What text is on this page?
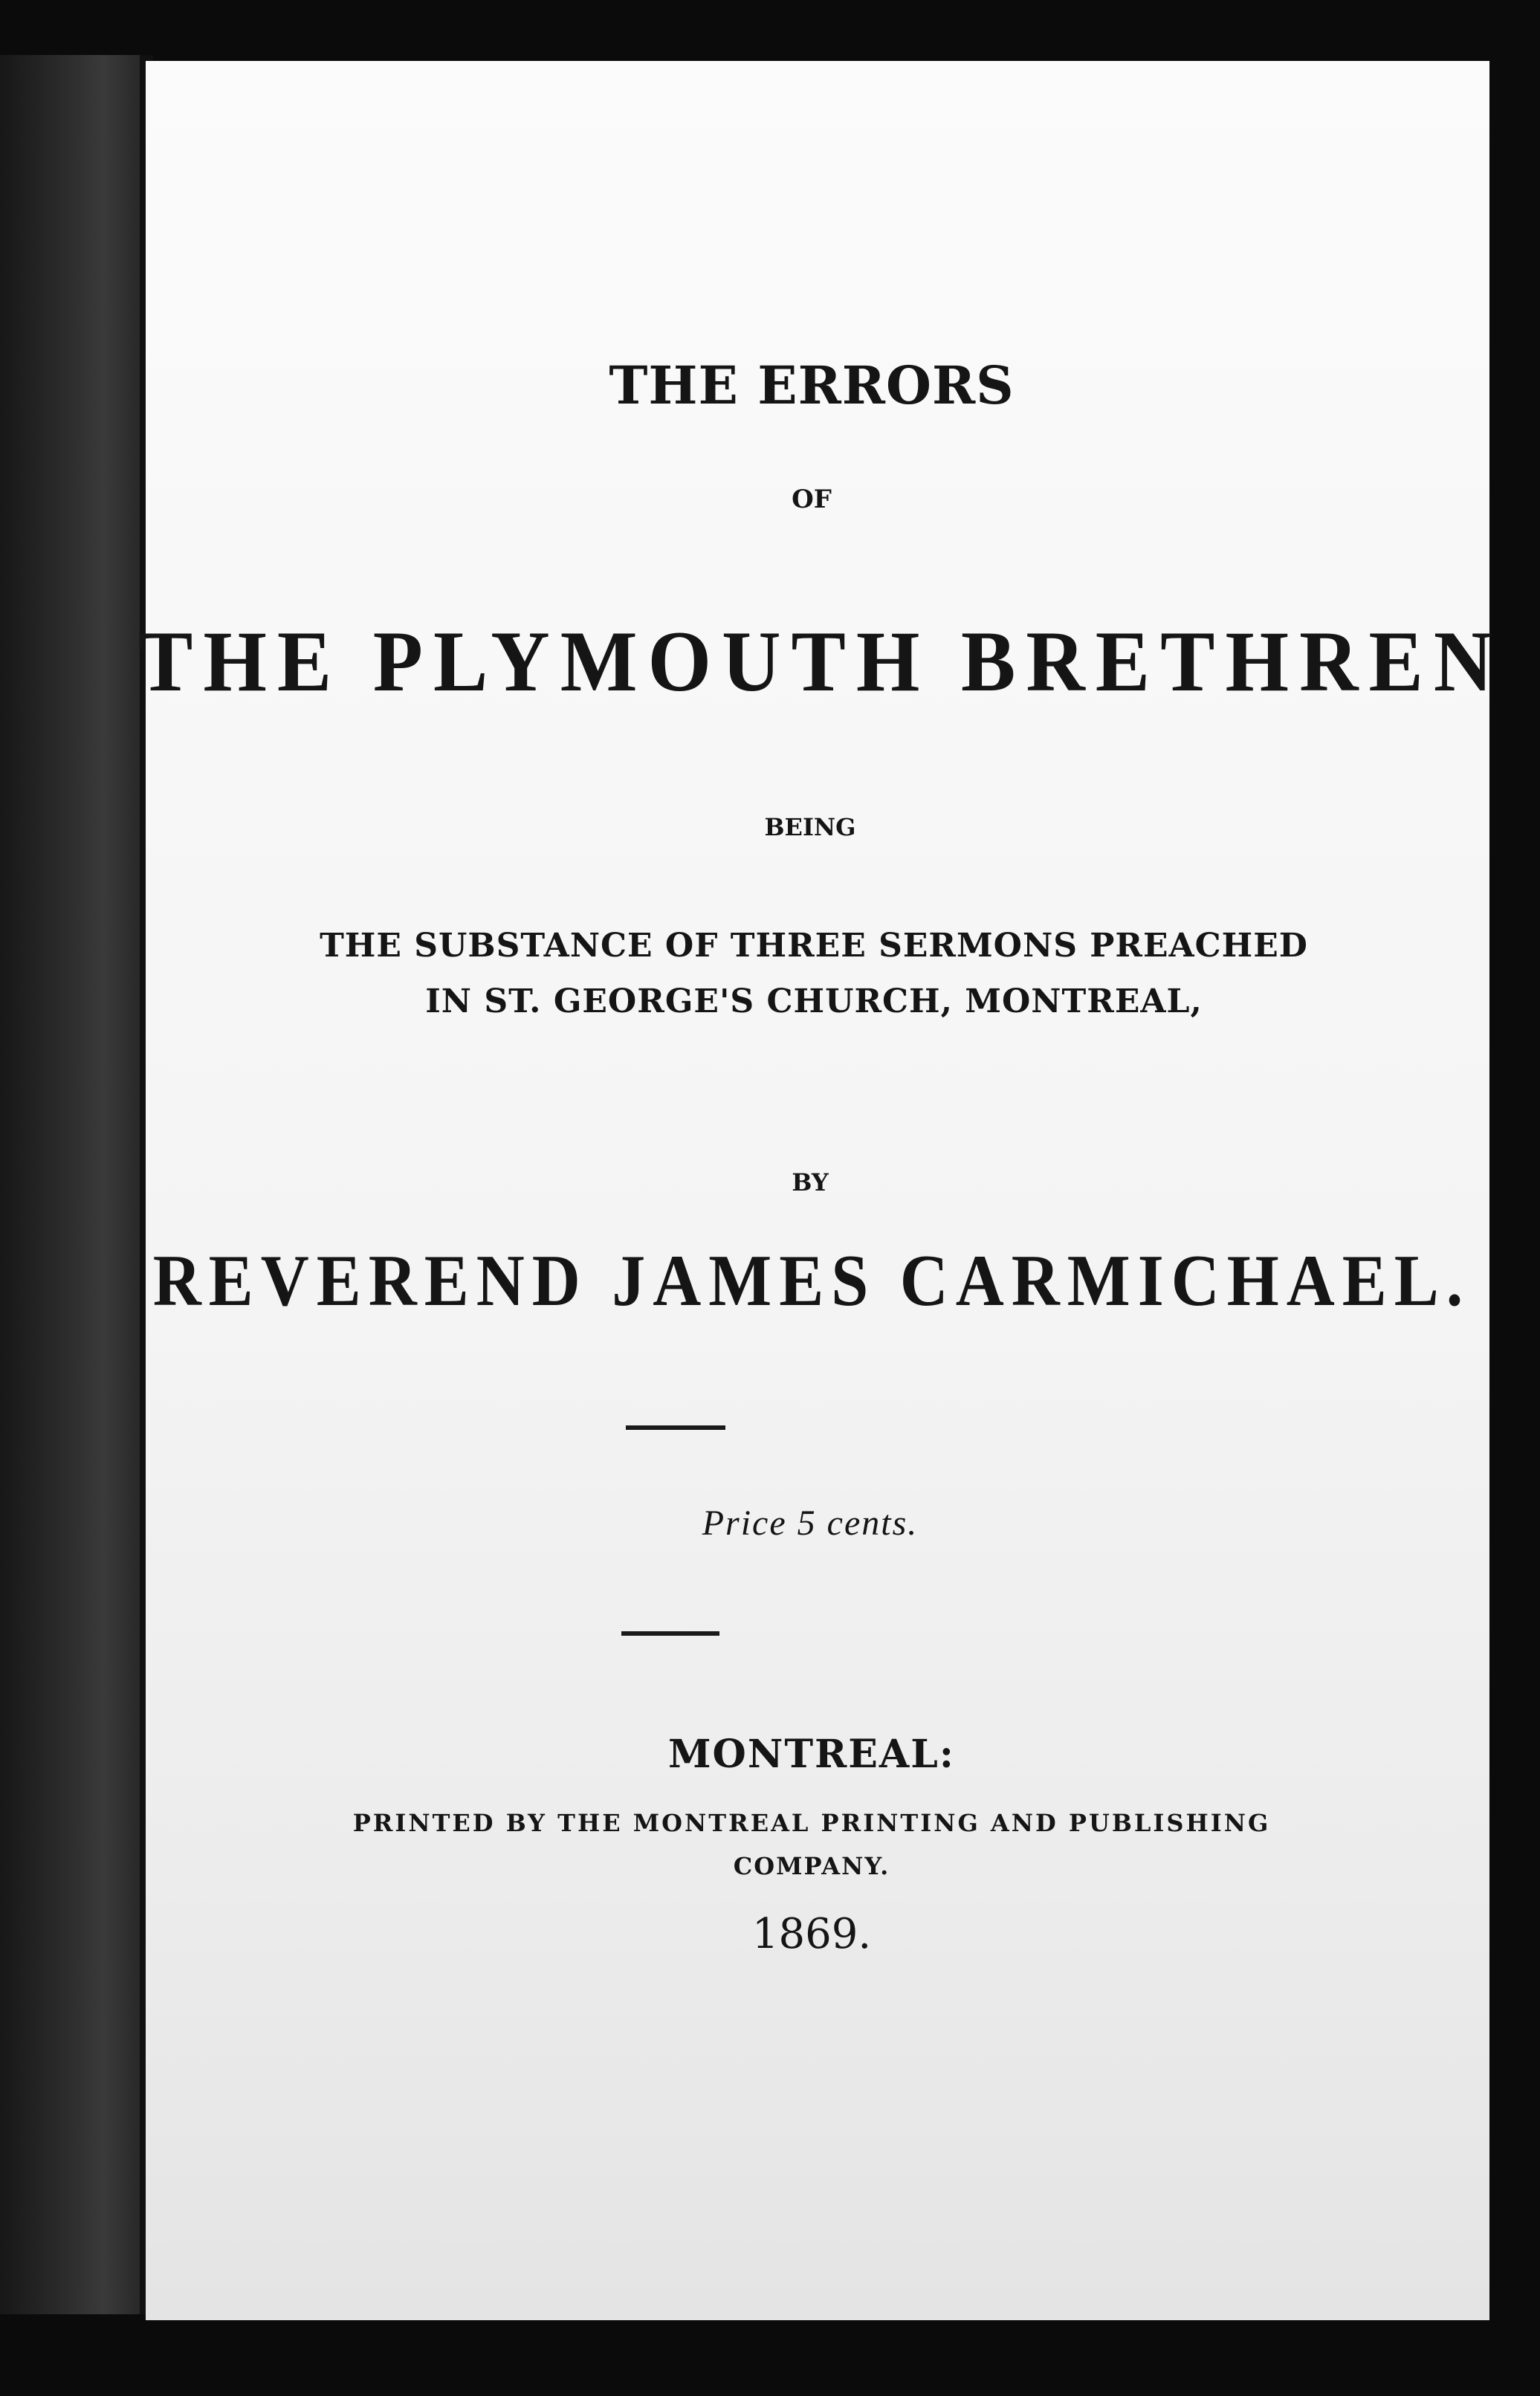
THE ERRORS

OF

THE PLYMOUTH BRETHREN

BEING

THE SUBSTANCE OF THREE SERMONS PREACHED

IN ST. GEORGE'S CHURCH, MONTREAL,

BY

REVEREND JAMES CARMICHAEL.

Price 5 cents.

MONTREAL:

PRINTED BY THE MONTREAL PRINTING AND PUBLISHING

COMPANY.

1869.
